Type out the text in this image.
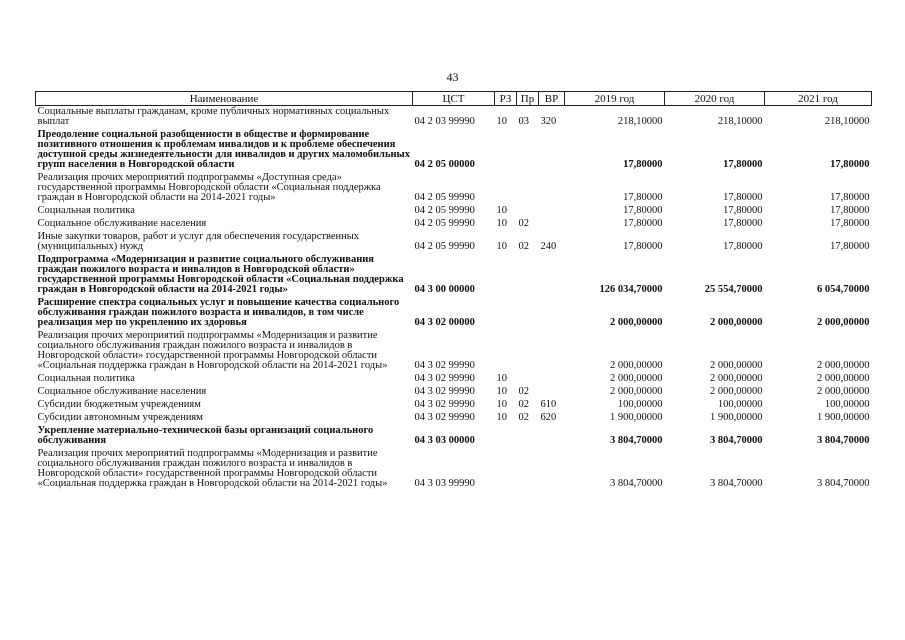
43
Наименование	ЦСТ	РЗ	Пр	ВР	2019 год	2020 год	2021 год
Социальные выплаты гражданам, кроме публичных нормативных социальных выплат	04 2 03 99990	10	03	320	218,10000	218,10000	218,10000
Преодоление социальной разобщенности в обществе и формирование позитивного отношения к проблемам инвалидов и к проблеме обеспечения доступной среды жизнедеятельности для инвалидов и других маломобильных групп населения в Новгородской области	04 2 05 00000				17,80000	17,80000	17,80000
Реализация прочих мероприятий подпрограммы «Доступная среда» государственной программы Новгородской области «Социальная поддержка граждан в Новгородской области на 2014-2021 годы»	04 2 05 99990				17,80000	17,80000	17,80000
Социальная политика	04 2 05 99990	10			17,80000	17,80000	17,80000
Социальное обслуживание населения	04 2 05 99990	10	02		17,80000	17,80000	17,80000
Иные закупки товаров, работ и услуг для обеспечения государственных (муниципальных) нужд	04 2 05 99990	10	02	240	17,80000	17,80000	17,80000
Подпрограмма «Модернизация и развитие социального обслуживания граждан пожилого возраста и инвалидов в Новгородской области» государственной программы Новгородской области «Социальная поддержка граждан в Новгородской области на 2014-2021 годы»	04 3 00 00000				126 034,70000	25 554,70000	6 054,70000
Расширение спектра социальных услуг и повышение качества социального обслуживания граждан пожилого возраста и инвалидов, в том числе реализация мер по укреплению их здоровья	04 3 02 00000				2 000,00000	2 000,00000	2 000,00000
Реализация прочих мероприятий подпрограммы «Модернизация и развитие социального обслуживания граждан пожилого возраста и инвалидов в Новгородской области» государственной программы Новгородской области «Социальная поддержка граждан в Новгородской области на 2014-2021 годы»	04 3 02 99990				2 000,00000	2 000,00000	2 000,00000
Социальная политика	04 3 02 99990	10			2 000,00000	2 000,00000	2 000,00000
Социальное обслуживание населения	04 3 02 99990	10	02		2 000,00000	2 000,00000	2 000,00000
Субсидии бюджетным учреждениям	04 3 02 99990	10	02	610	100,00000	100,00000	100,00000
Субсидии автономным учреждениям	04 3 02 99990	10	02	620	1 900,00000	1 900,00000	1 900,00000
Укрепление материально-технической базы организаций социального обслуживания	04 3 03 00000				3 804,70000	3 804,70000	3 804,70000
Реализация прочих мероприятий подпрограммы «Модернизация и развитие социального обслуживания граждан пожилого возраста и инвалидов в Новгородской области» государственной программы Новгородской области «Социальная поддержка граждан в Новгородской области на 2014-2021 годы»	04 3 03 99990				3 804,70000	3 804,70000	3 804,70000
